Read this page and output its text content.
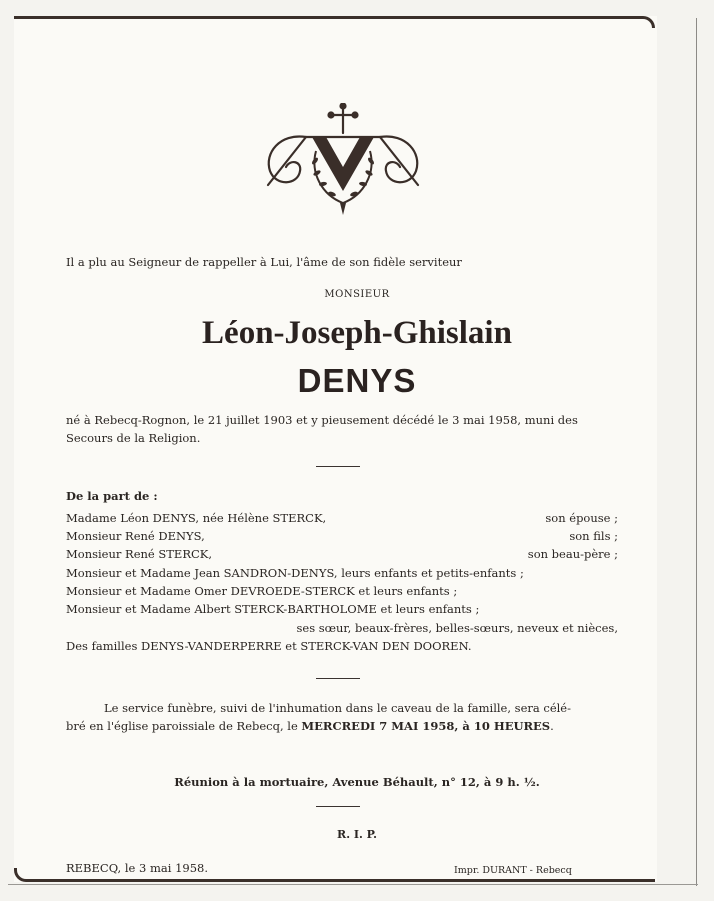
Il a plu au Seigneur de rappeller à Lui, l'âme de son fidèle serviteur
MONSIEUR
Léon-Joseph-Ghislain
DENYS
né à Rebecq-Rognon, le 21 juillet 1903 et y pieusement décédé le 3 mai 1958, muni des
Secours de la Religion.
De la part de :
Madame Léon DENYS, née Hélène STERCK,	son épouse ;
Monsieur René DENYS,	son fils ;
Monsieur René STERCK,	son beau-père ;
Monsieur et Madame Jean SANDRON-DENYS, leurs enfants et petits-enfants ;
Monsieur et Madame Omer DEVROEDE-STERCK et leurs enfants ;
Monsieur et Madame Albert STERCK-BARTHOLOME et leurs enfants ;
ses sœur, beaux-frères, belles-sœurs, neveux et nièces,
Des familles DENYS-VANDERPERRE et STERCK-VAN DEN DOOREN.
Le service funèbre, suivi de l'inhumation dans le caveau de la famille, sera célé-
bré en l'église paroissiale de Rebecq, le MERCREDI 7 MAI 1958, à 10 HEURES.
Réunion à la mortuaire, Avenue Béhault, n° 12, à 9 h. ½.
R. I. P.
REBECQ, le 3 mai 1958.	Impr. DURANT - Rebecq
